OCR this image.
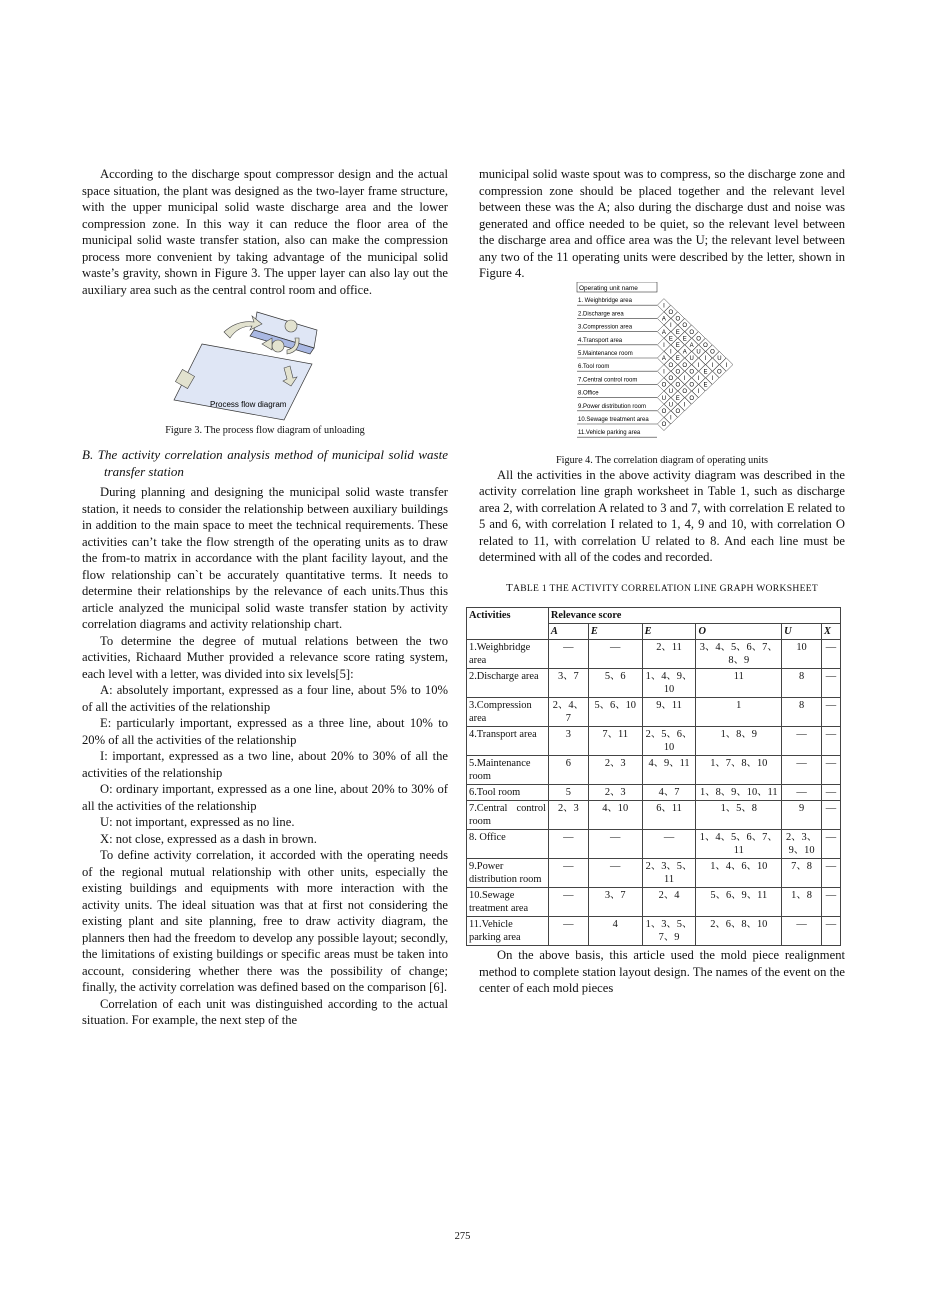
According to the discharge spout compressor design and the actual space situation, the plant was designed as the two-layer frame structure, with the upper municipal solid waste discharge area and the lower compression zone. In this way it can reduce the floor area of the municipal solid waste transfer station, also can make the compression process more convenient by taking advantage of the municipal solid waste’s gravity, shown in Figure 3. The upper layer can also lay out the auxiliary area such as the central control room and office.

Process flow diagram
Figure 3. The process flow diagram of unloading
B. The activity correlation analysis method of municipal solid waste transfer station

During planning and designing the municipal solid waste transfer station, it needs to consider the relationship between auxiliary buildings in addition to the main space to meet the technical requirements. These activities can’t take the flow strength of the operating units as to draw the from-to matrix in accordance with the plant facility layout, and the flow relationship can`t be accurately quantitative terms. It needs to determine their relationships by the relevance of each units.Thus this article analyzed the municipal solid waste transfer station by activity correlation diagrams and activity relationship chart.

To determine the degree of mutual relations between the two activities, Richaard Muther provided a relevance score rating system, each level with a letter, was divided into six levels[5]:

A: absolutely important, expressed as a four line, about 5% to 10% of all the activities of the relationship

E: particularly important, expressed as a three line, about 10% to 20% of all the activities of the relationship

I: important, expressed as a two line, about 20% to 30% of all the activities of the relationship

O: ordinary important, expressed as a one line, about 20% to 30% of all the activities of the relationship

U: not important, expressed as no line.

X: not close, expressed as a dash in brown.

To define activity correlation, it accorded with the operating needs of the regional mutual relationship with other units, especially the existing buildings and equipments with more interaction with the activity units. The ideal situation was that at first not considering the existing plant and site planning, free to draw activity diagram, the planners then had the freedom to develop any possible layout; secondly, the limitations of existing buildings or specific areas must be taken into account, considering whether there was the possibility of change; finally, the activity correlation was defined based on the comparison [6].

Correlation of each unit was distinguished according to the actual situation. For example, the next step of the

municipal solid waste spout was to compress, so the discharge zone and compression zone should be placed together and the relevant level between these was the A; also during the discharge dust and noise was generated and office needed to be quiet, so the relevant level between the discharge area and office area was the U; the relevant level between any two of the 11 operating units were described by the letter, shown in Figure 4.

Operating unit name
1. Weighbridge area
2.Discharge area
3.Compression area
4.Transport area
5.Maintenance room
6.Tool room
7.Central control room
8.Office
9.Power distribution room
10.Sewage treatment area
11.Vehicle parking area
I
O
O
O
O
O
O
O
U
I
A
I
E
E
A
U
I
I
O
A
E
E
A
U
I
E
I
I
I
E
O
O
I
E
A
O
O
I
O
I
I
O
O
O
O
O
U
E
I
U
U
O
O
I
O
Figure 4. The correlation diagram of operating units

All the activities in the above activity diagram was described in the activity correlation line graph worksheet in Table 1, such as discharge area 2, with correlation A related to 3 and 7, with correlation E related to 5 and 6, with correlation I related to 1, 4, 9 and 10, with correlation O related to 11, with correlation U related to 8. And each line must be determined with all of the codes and recorded.

TABLE 1 THE ACTIVITY CORRELATION LINE GRAPH WORKSHEET
Activities	Relevance score					
	A	E	E	O	U	X
1.Weighbridge area	—	—	2、11	3、4、5、6、7、8、9	10	—
2.Discharge area	3、7	5、6	1、4、9、10	11	8	—
3.Compression area	2、4、7	5、6、10	9、11	1	8	—
4.Transport area	3	7、11	2、5、6、10	1、8、9	—	—
5.Maintenance room	6	2、3	4、9、11	1、7、8、10	—	—
6.Tool room	5	2、3	4、7	1、8、9、10、11	—	—
7.Central control room	2、3	4、10	6、11	1、5、8	9	—
8. Office	—	—	—	1、4、5、6、7、11	2、3、9、10	—
9.Power distribution room	—	—	2、3、5、11	1、4、6、10	7、8	—
10.Sewage treatment area	—	3、7	2、4	5、6、9、11	1、8	—
11.Vehicle parking area	—	4	1、3、5、7、9	2、6、8、10	—	—

On the above basis, this article used the mold piece realignment method to complete station layout design. The names of the event on the center of each mold pieces

275
